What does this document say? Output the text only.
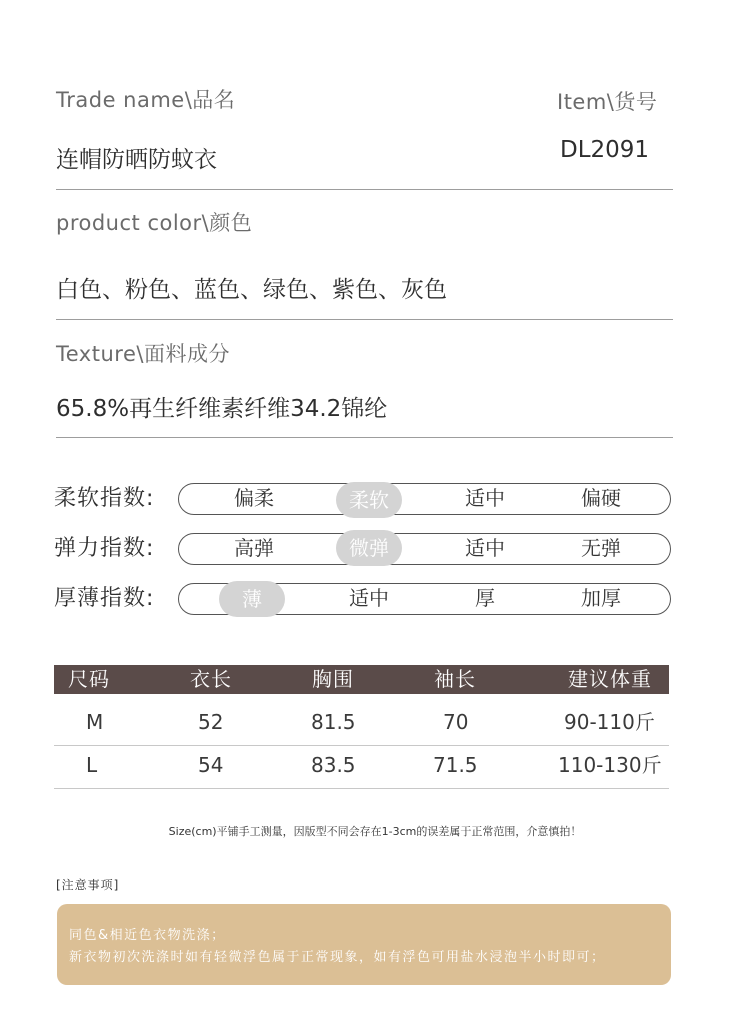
Trade name\品名	Item\货号
连帽防晒防蚊衣	DL2091
product color\颜色
白色、粉色、蓝色、绿色、紫色、灰色
Texture\面料成分
65.8%再生纤维素纤维34.2锦纶
柔软指数:	偏柔	柔软	适中	偏硬
弹力指数:	高弹	微弹	适中	无弹
厚薄指数:	薄	适中	厚	加厚
尺码	衣长	胸围	袖长	建议体重
M	52	81.5	70	90-110斤
L	54	83.5	71.5	110-130斤
Size(cm)平铺手工测量，因版型不同会存在1-3cm的误差属于正常范围，介意慎拍！
[注意事项]
同色&相近色衣物洗涤；
新衣物初次洗涤时如有轻微浮色属于正常现象，如有浮色可用盐水浸泡半小时即可；
